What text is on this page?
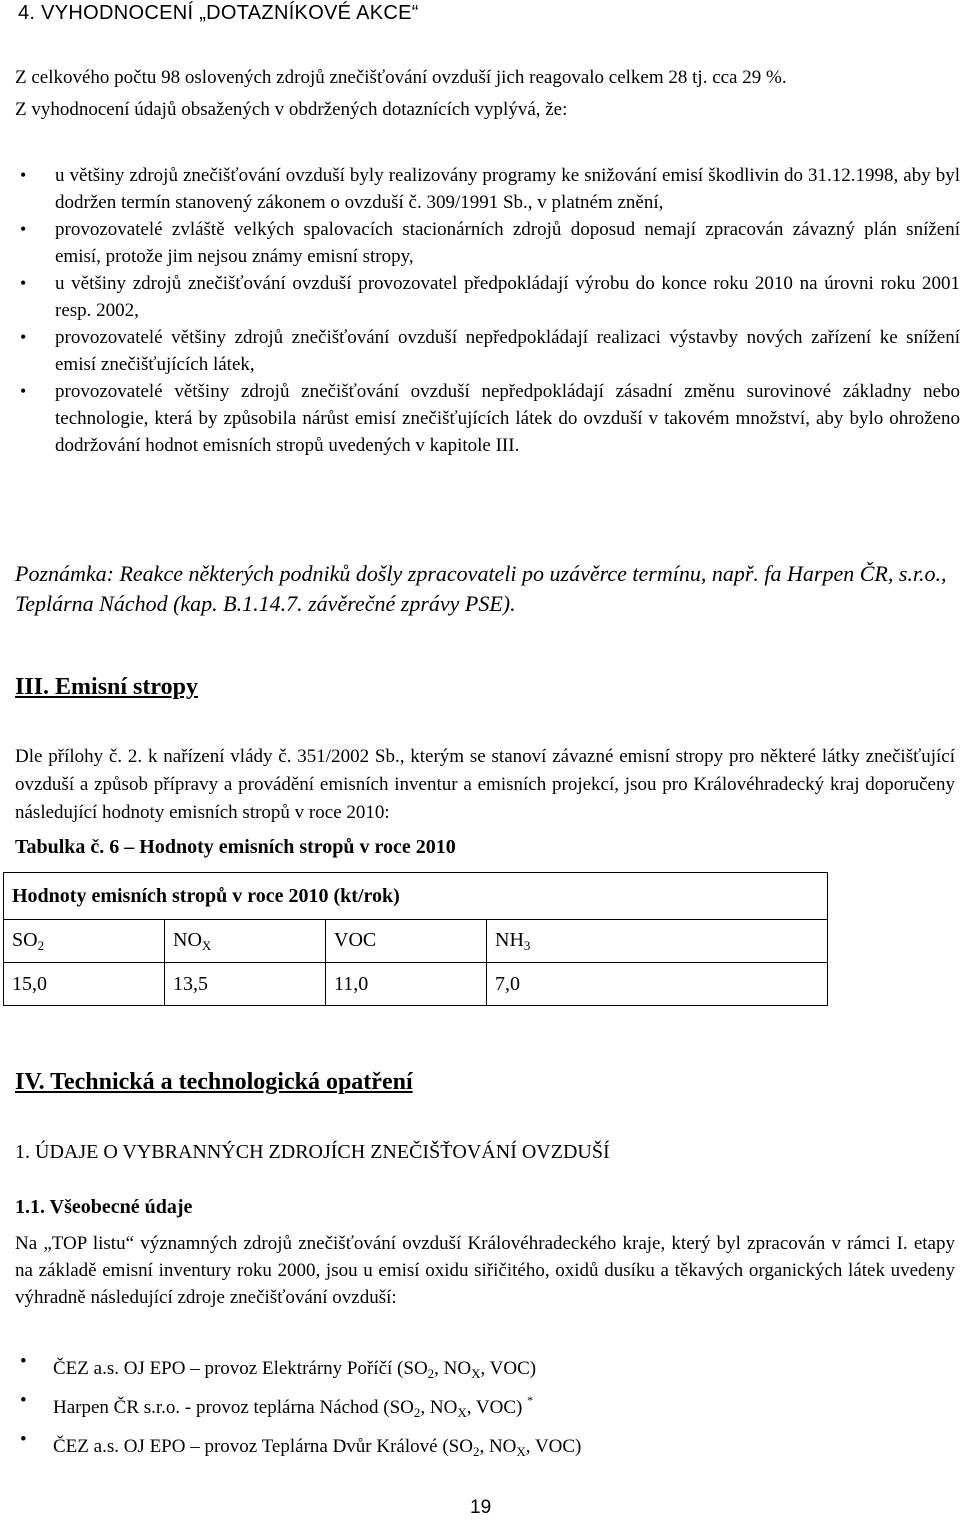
4. VYHODNOCENÍ „DOTAZNÍKOVÉ AKCE“

Z celkového počtu 98 oslovených zdrojů znečišťování ovzduší jich reagovalo celkem 28 tj. cca 29 %.

Z vyhodnocení údajů obsažených v obdržených dotaznících vyplývá, že:

• u většiny zdrojů znečišťování ovzduší byly realizovány programy ke snižování emisí škodlivin do 31.12.1998, aby byl dodržen termín stanovený zákonem o ovzduší č. 309/1991 Sb., v platném znění,
• provozovatelé zvláště velkých spalovacích stacionárních zdrojů doposud nemají zpracován závazný plán snížení emisí, protože jim nejsou známy emisní stropy,
• u většiny zdrojů znečišťování ovzduší provozovatel předpokládají výrobu do konce roku 2010 na úrovni roku 2001 resp. 2002,
• provozovatelé většiny zdrojů znečišťování ovzduší nepředpokládají realizaci výstavby nových zařízení ke snížení emisí znečišťujících látek,
• provozovatelé většiny zdrojů znečišťování ovzduší nepředpokládají zásadní změnu surovinové základny nebo technologie, která by způsobila nárůst emisí znečišťujících látek do ovzduší v takovém množství, aby bylo ohroženo dodržování hodnot emisních stropů uvedených v kapitole III.

Poznámka: Reakce některých podniků došly zpracovateli po uzávěrce termínu, např. fa Harpen ČR, s.r.o., Teplárna Náchod (kap. B.1.14.7. závěrečné zprávy PSE).

III. Emisní stropy

Dle přílohy č. 2. k nařízení vlády č. 351/2002 Sb., kterým se stanoví závazné emisní stropy pro některé látky znečišťující ovzduší a způsob přípravy a provádění emisních inventur a emisních projekcí, jsou pro Královéhradecký kraj doporučeny následující hodnoty emisních stropů v roce 2010:

Tabulka č. 6 – Hodnoty emisních stropů v roce 2010
Hodnoty emisních stropů v roce 2010 (kt/rok)			
$SO_2$	$NO_X$	VOC	$NH_3$
15,0	13,5	11,0	7,0
IV. Technická a technologická opatření
1. ÚDAJE O VYBRANNÝCH ZDROJÍCH ZNEČIŠŤOVÁNÍ OVZDUŠÍ
1.1. Všeobecné údaje

Na „TOP listu“ významných zdrojů znečišťování ovzduší Královéhradeckého kraje, který byl zpracován v rámci I. etapy na základě emisní inventury roku 2000, jsou u emisí oxidu siřičitého, oxidů dusíku a těkavých organických látek uvedeny výhradně následující zdroje znečišťování ovzduší:

• ČEZ a.s. OJ EPO – provoz Elektrárny Poříčí ($SO_2$, $NO_X$, VOC)
• Harpen ČR s.r.o. - provoz teplárna Náchod ($SO_2$, $NO_X$, VOC) *
• ČEZ a.s. OJ EPO – provoz Teplárna Dvůr Králové ($SO_2$, $NO_X$, VOC)
19
